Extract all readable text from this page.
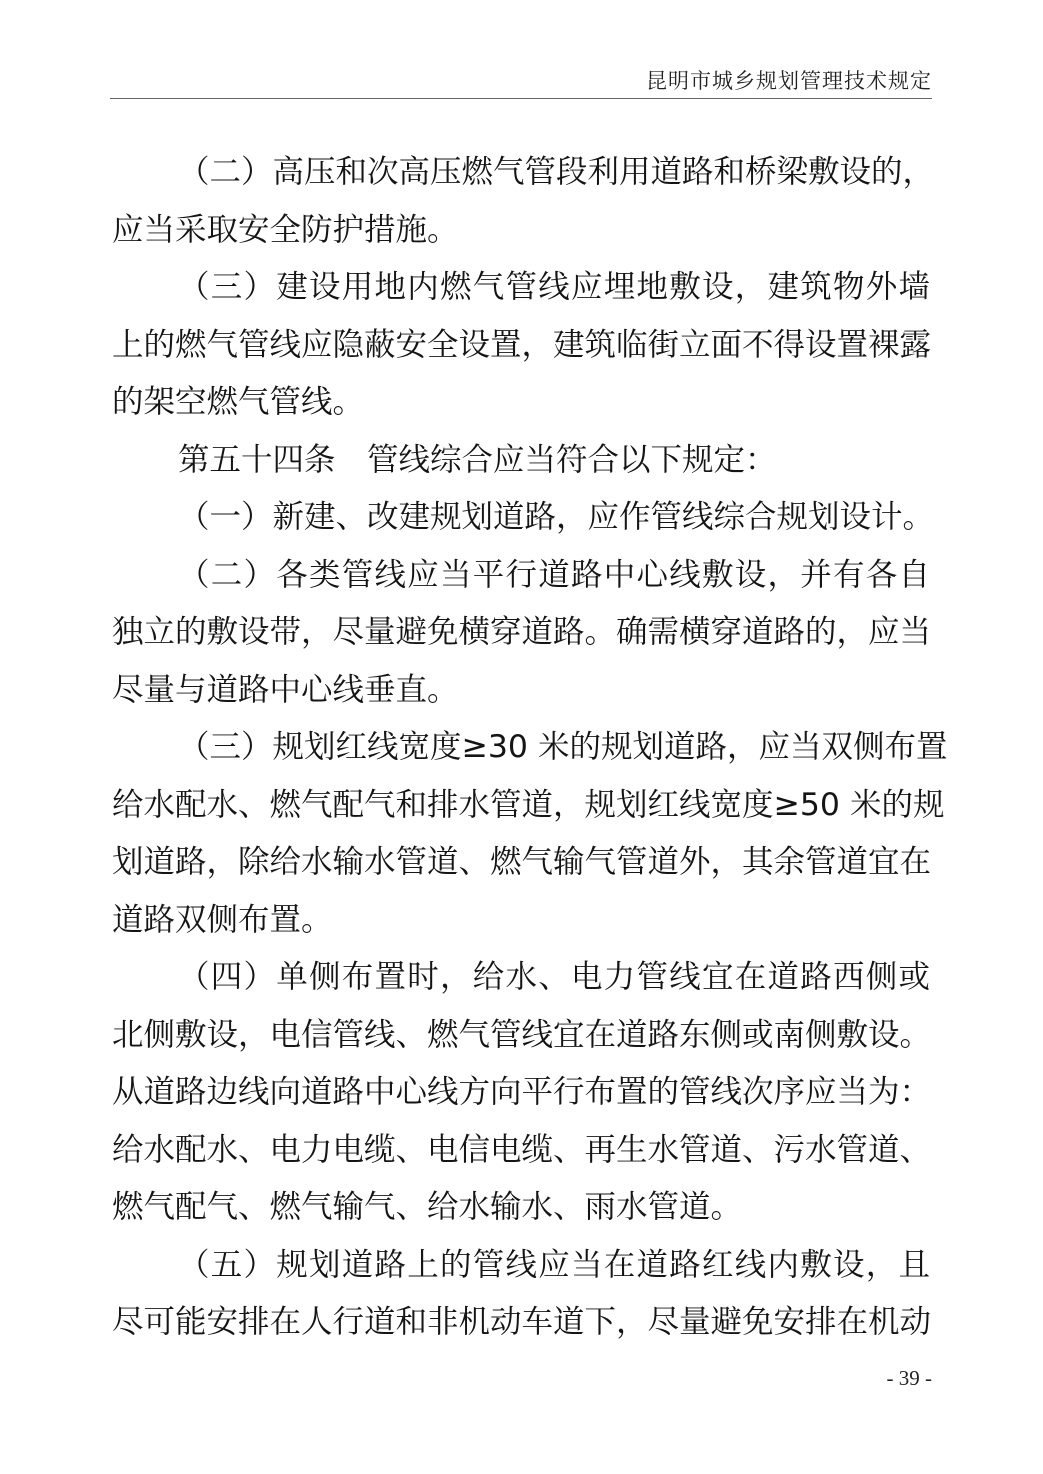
昆明市城乡规划管理技术规定
（二）高压和次高压燃气管段利用道路和桥梁敷设的，
应当采取安全防护措施。
（三）建设用地内燃气管线应埋地敷设，建筑物外墙
上的燃气管线应隐蔽安全设置，建筑临街立面不得设置裸露
的架空燃气管线。
第五十四条　管线综合应当符合以下规定：
（一）新建、改建规划道路，应作管线综合规划设计。
（二）各类管线应当平行道路中心线敷设，并有各自
独立的敷设带，尽量避免横穿道路。确需横穿道路的，应当
尽量与道路中心线垂直。
（三）规划红线宽度≥30 米的规划道路，应当双侧布置
给水配水、燃气配气和排水管道，规划红线宽度≥50 米的规
划道路，除给水输水管道、燃气输气管道外，其余管道宜在
道路双侧布置。
（四）单侧布置时，给水、电力管线宜在道路西侧或
北侧敷设，电信管线、燃气管线宜在道路东侧或南侧敷设。
从道路边线向道路中心线方向平行布置的管线次序应当为：
给水配水、电力电缆、电信电缆、再生水管道、污水管道、
燃气配气、燃气输气、给水输水、雨水管道。
（五）规划道路上的管线应当在道路红线内敷设，且
尽可能安排在人行道和非机动车道下，尽量避免安排在机动
- 39 -
